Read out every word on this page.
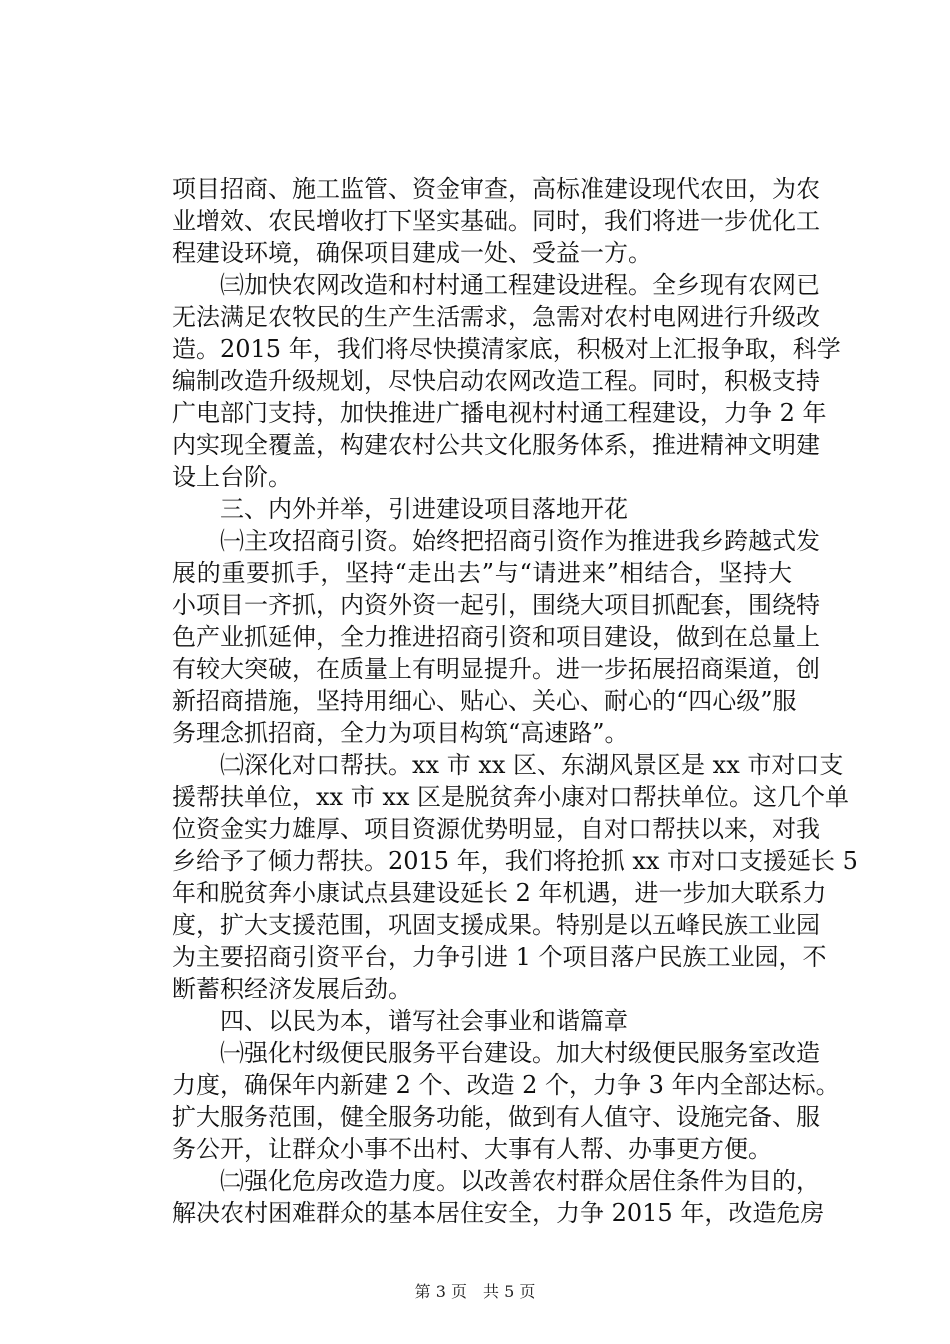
项目招商、施工监管、资金审查，高标准建设现代农田，为农
业增效、农民增收打下坚实基础。同时，我们将进一步优化工
程建设环境，确保项目建成一处、受益一方。
　　㈢加快农网改造和村村通工程建设进程。全乡现有农网已
无法满足农牧民的生产生活需求，急需对农村电网进行升级改
造。2015 年，我们将尽快摸清家底，积极对上汇报争取，科学
编制改造升级规划，尽快启动农网改造工程。同时，积极支持
广电部门支持，加快推进广播电视村村通工程建设，力争 2 年
内实现全覆盖，构建农村公共文化服务体系，推进精神文明建
设上台阶。
　　三、内外并举，引进建设项目落地开花
　　㈠主攻招商引资。始终把招商引资作为推进我乡跨越式发
展的重要抓手，坚持“走出去”与“请进来”相结合，坚持大
小项目一齐抓，内资外资一起引，围绕大项目抓配套，围绕特
色产业抓延伸，全力推进招商引资和项目建设，做到在总量上
有较大突破，在质量上有明显提升。进一步拓展招商渠道，创
新招商措施，坚持用细心、贴心、关心、耐心的“四心级”服
务理念抓招商，全力为项目构筑“高速路”。
　　㈡深化对口帮扶。xx 市 xx 区、东湖风景区是 xx 市对口支
援帮扶单位，xx 市 xx 区是脱贫奔小康对口帮扶单位。这几个单
位资金实力雄厚、项目资源优势明显，自对口帮扶以来，对我
乡给予了倾力帮扶。2015 年，我们将抢抓 xx 市对口支援延长 5
年和脱贫奔小康试点县建设延长 2 年机遇，进一步加大联系力
度，扩大支援范围，巩固支援成果。特别是以五峰民族工业园
为主要招商引资平台，力争引进 1 个项目落户民族工业园，不
断蓄积经济发展后劲。
　　四、以民为本，谱写社会事业和谐篇章
　　㈠强化村级便民服务平台建设。加大村级便民服务室改造
力度，确保年内新建 2 个、改造 2 个，力争 3 年内全部达标。
扩大服务范围，健全服务功能，做到有人值守、设施完备、服
务公开，让群众小事不出村、大事有人帮、办事更方便。
　　㈡强化危房改造力度。以改善农村群众居住条件为目的，
解决农村困难群众的基本居住安全，力争 2015 年，改造危房
第 3 页　共 5 页
